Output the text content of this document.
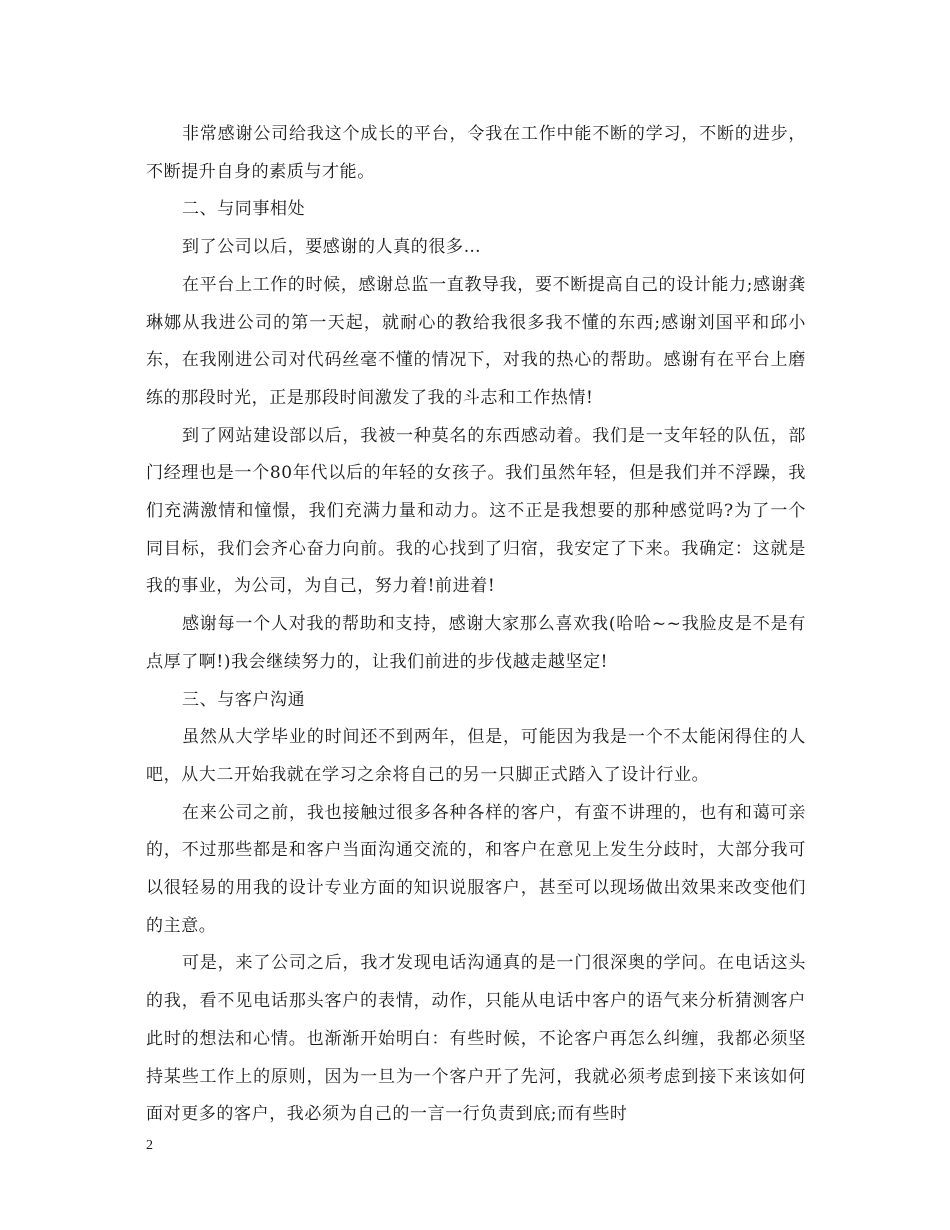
非常感谢公司给我这个成长的平台，令我在工作中能不断的学习，不断的进步，不断提升自身的素质与才能。

二、与同事相处

到了公司以后，要感谢的人真的很多…

在平台上工作的时候，感谢总监一直教导我，要不断提高自己的设计能力;感谢龚琳娜从我进公司的第一天起，就耐心的教给我很多我不懂的东西;感谢刘国平和邱小东，在我刚进公司对代码丝毫不懂的情况下，对我的热心的帮助。感谢有在平台上磨练的那段时光，正是那段时间激发了我的斗志和工作热情!

到了网站建设部以后，我被一种莫名的东西感动着。我们是一支年轻的队伍，部门经理也是一个80年代以后的年轻的女孩子。我们虽然年轻，但是我们并不浮躁，我们充满激情和憧憬，我们充满力量和动力。这不正是我想要的那种感觉吗?为了一个同目标，我们会齐心奋力向前。我的心找到了归宿，我安定了下来。我确定：这就是我的事业，为公司，为自己，努力着!前进着!

感谢每一个人对我的帮助和支持，感谢大家那么喜欢我(哈哈~~我脸皮是不是有点厚了啊!)我会继续努力的，让我们前进的步伐越走越坚定!

三、与客户沟通

虽然从大学毕业的时间还不到两年，但是，可能因为我是一个不太能闲得住的人吧，从大二开始我就在学习之余将自己的另一只脚正式踏入了设计行业。

在来公司之前，我也接触过很多各种各样的客户，有蛮不讲理的，也有和蔼可亲的，不过那些都是和客户当面沟通交流的，和客户在意见上发生分歧时，大部分我可以很轻易的用我的设计专业方面的知识说服客户，甚至可以现场做出效果来改变他们的主意。

可是，来了公司之后，我才发现电话沟通真的是一门很深奥的学问。在电话这头的我，看不见电话那头客户的表情，动作，只能从电话中客户的语气来分析猜测客户此时的想法和心情。也渐渐开始明白：有些时候，不论客户再怎么纠缠，我都必须坚持某些工作上的原则，因为一旦为一个客户开了先河，我就必须考虑到接下来该如何面对更多的客户，我必须为自己的一言一行负责到底;而有些时

2
